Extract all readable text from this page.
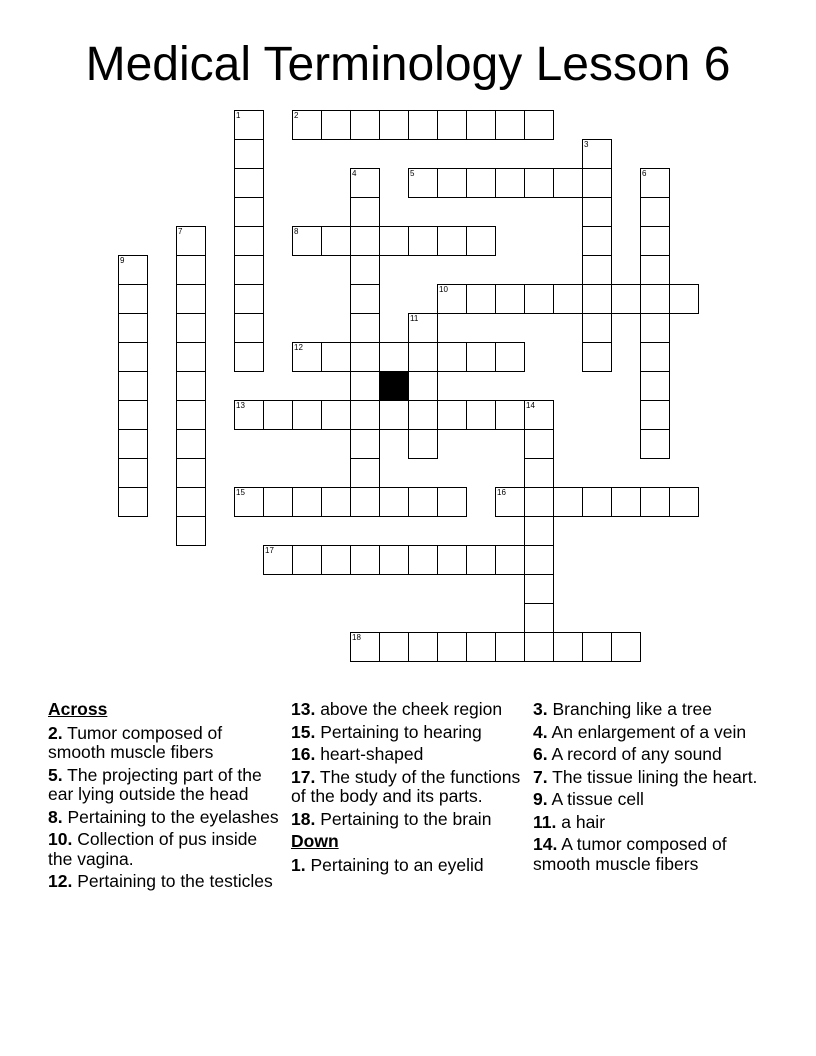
Medical Terminology Lesson 6
1	2
3
4	5	6
7	8
9
10
11
12
13	14
15	16
17
18
Across
2. Tumor composed of smooth muscle fibers
5. The projecting part of the ear lying outside the head
8. Pertaining to the eyelashes
10. Collection of pus inside the vagina.
12. Pertaining to the testicles
13. above the cheek region
15. Pertaining to hearing
16. heart-shaped
17. The study of the functions of the body and its parts.
18. Pertaining to the brain
Down
1. Pertaining to an eyelid
3. Branching like a tree
4. An enlargement of a vein
6. A record of any sound
7. The tissue lining the heart.
9. A tissue cell
11. a hair
14. A tumor composed of smooth muscle fibers
